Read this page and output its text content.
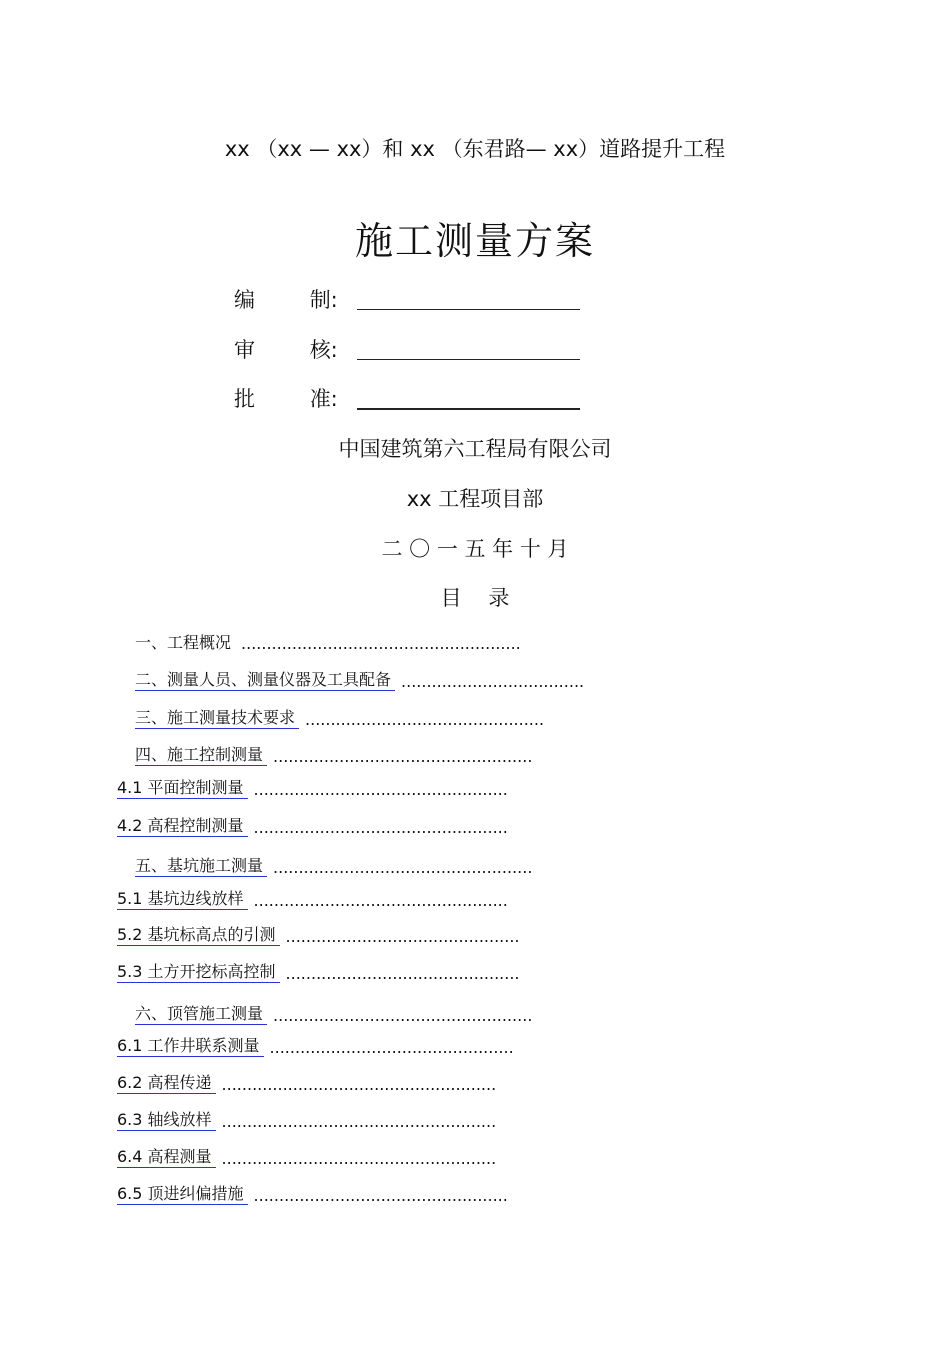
xx （xx — xx）和 xx （东君路— xx）道路提升工程
施工测量方案
编	制:
审	核:
批	准:
中国建筑第六工程局有限公司
xx 工程项目部
二 〇 一 五 年 十 月
目    录
一、工程概况 .......................................................
二、测量人员、测量仪器及工具配备 ....................................
三、施工测量技术要求 ...............................................
四、施工控制测量 ...................................................
4.1 平面控制测量 ..................................................
4.2 高程控制测量 ..................................................
五、基坑施工测量 ...................................................
5.1 基坑边线放样 ..................................................
5.2 基坑标高点的引测 ..............................................
5.3 土方开挖标高控制 ..............................................
六、顶管施工测量 ...................................................
6.1 工作井联系测量 ................................................
6.2 高程传递 ......................................................
6.3 轴线放样 ......................................................
6.4 高程测量 ......................................................
6.5 顶进纠偏措施 ..................................................
